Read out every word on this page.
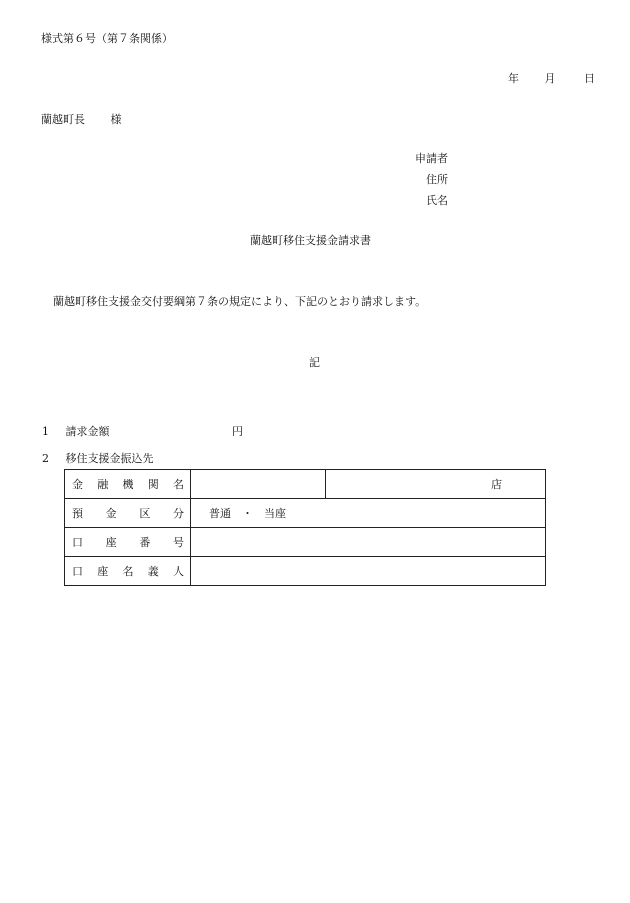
様式第６号（第７条関係）
年 月	日
蘭越町長 様
申請者
住所
氏名
蘭越町移住支援金請求書
蘭越町移住支援金交付要綱第７条の規定により、下記のとおり請求します。
記
1 請求金額	円
2 移住支援金振込先
金 融 機 関 名		店

預 金 区 分	普通　・　当座	

口 座 番 号		

口 座 名 義 人		
